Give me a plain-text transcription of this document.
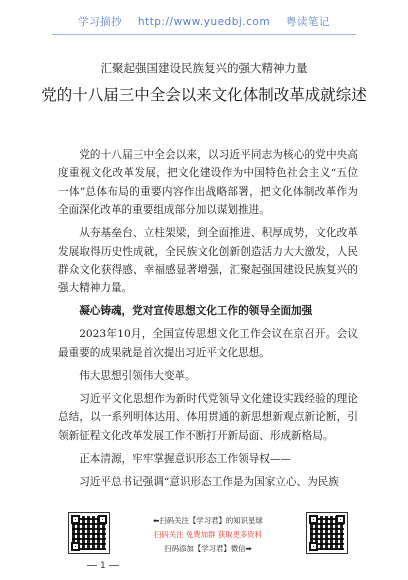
学习摘抄 http://www.yuedbj.com 粤读笔记
汇聚起强国建设民族复兴的强大精神力量
党的十八届三中全会以来文化体制改革成就综述

党的十八届三中全会以来，以习近平同志为核心的党中央高度重视文化改革发展，把文化建设作为中国特色社会主义“五位一体”总体布局的重要内容作出战略部署，把文化体制改革作为全面深化改革的重要组成部分加以谋划推进。

从夯基垒台、立柱架梁，到全面推进、积厚成势，文化改革发展取得历史性成就，全民族文化创新创造活力大大激发，人民群众文化获得感、幸福感显著增强，汇聚起强国建设民族复兴的强大精神力量。

凝心铸魂，党对宣传思想文化工作的领导全面加强

2023年10月，全国宣传思想文化工作会议在京召开。会议最重要的成果就是首次提出习近平文化思想。

伟大思想引领伟大变革。

习近平文化思想作为新时代党领导文化建设实践经验的理论总结，以一系列明体达用、体用贯通的新思想新观点新论断，引领新征程文化改革发展工作不断打开新局面、形成新格局。

正本清源，牢牢掌握意识形态工作领导权——

习近平总书记强调“意识形态工作是为国家立心、为民族

⬅扫码关注【学习君】的知识星球
扫码关注 免费加群 获取更多资料
扫码添加【学习君】微信➡
1
